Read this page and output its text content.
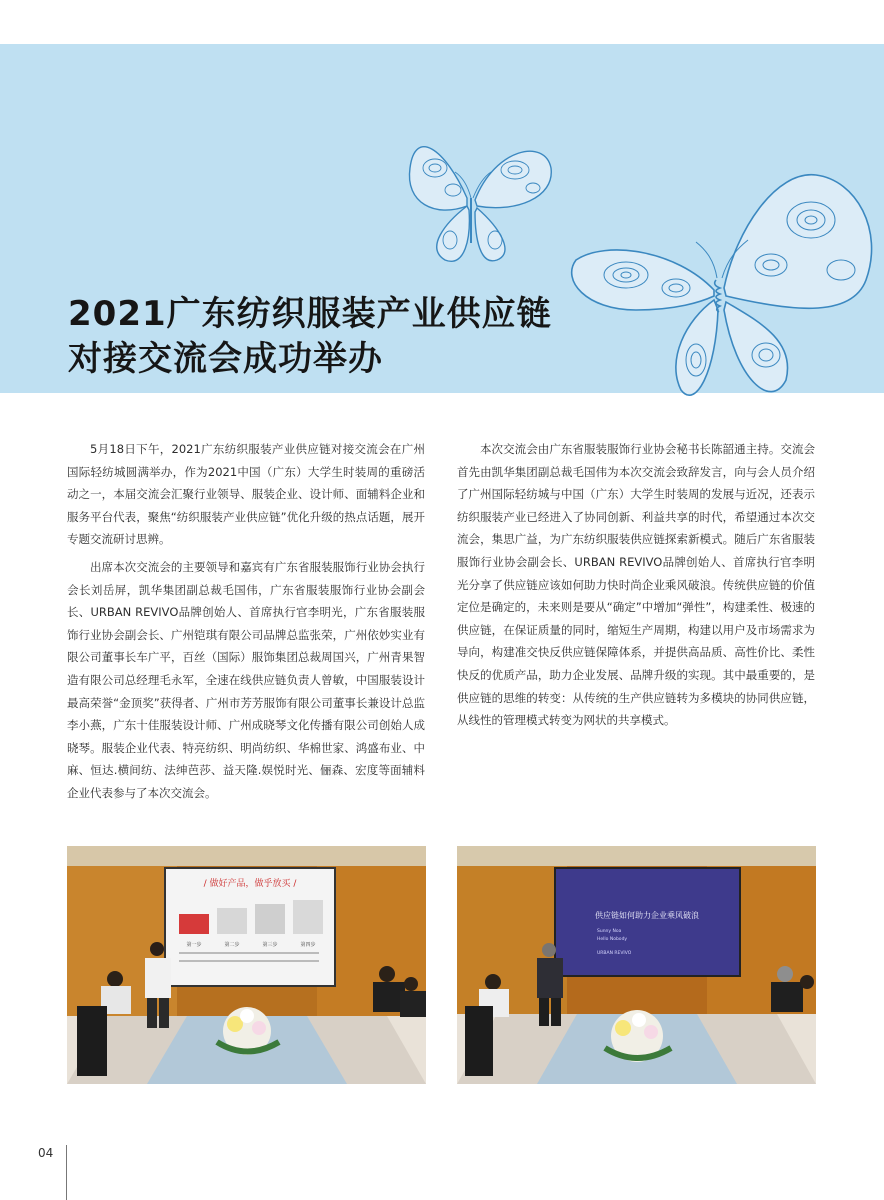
2021广东纺织服装产业供应链
对接交流会成功举办

5月18日下午，2021广东纺织服装产业供应链对接交流会在广州国际轻纺城圆满举办，作为2021中国（广东）大学生时装周的重磅活动之一，本届交流会汇聚行业领导、服装企业、设计师、面辅料企业和服务平台代表，聚焦“纺织服装产业供应链”优化升级的热点话题，展开专题交流研讨思辨。

出席本次交流会的主要领导和嘉宾有广东省服装服饰行业协会执行会长刘岳屏，凯华集团副总裁毛国伟，广东省服装服饰行业协会副会长、URBAN REVIVO品牌创始人、首席执行官李明光，广东省服装服饰行业协会副会长、广州铠琪有限公司品牌总监张荣，广州依妙实业有限公司董事长车广平，百丝（国际）服饰集团总裁周国兴，广州青果智造有限公司总经理毛永军，全速在线供应链负责人曾敏，中国服装设计最高荣誉“金顶奖”获得者、广州市芳芳服饰有限公司董事长兼设计总监李小燕，广东十佳服装设计师、广州成晓琴文化传播有限公司创始人成晓琴。服装企业代表、特亮纺织、明尚纺织、华棉世家、鸿盛布业、中麻、恒达.横间纺、法绅芭莎、益天隆.娱悦时光、俪森、宏度等面辅料企业代表参与了本次交流会。

本次交流会由广东省服装服饰行业协会秘书长陈韶通主持。交流会首先由凯华集团副总裁毛国伟为本次交流会致辞发言，向与会人员介绍了广州国际轻纺城与中国（广东）大学生时装周的发展与近况，还表示纺织服装产业已经进入了协同创新、利益共享的时代，希望通过本次交流会，集思广益，为广东纺织服装供应链探索新模式。随后广东省服装服饰行业协会副会长、URBAN REVIVO品牌创始人、首席执行官李明光分享了供应链应该如何助力快时尚企业乘风破浪。传统供应链的价值定位是确定的，未来则是要从“确定”中增加“弹性”，构建柔性、极速的供应链，在保证质量的同时，缩短生产周期，构建以用户及市场需求为导向，构建准交快反供应链保障体系，并提供高品质、高性价比、柔性快反的优质产品，助力企业发展、品牌升级的实现。其中最重要的，是供应链的思维的转变：从传统的生产供应链转为多模块的协同供应链，从线性的管理模式转变为网状的共享模式。

/ 做好产品，做乎放买 /
第一步	第二步	第三步	第四步
供应链如何助力企业乘风破浪
Sunny Noa
Hello Nobody
URBAN REVIVO
04
